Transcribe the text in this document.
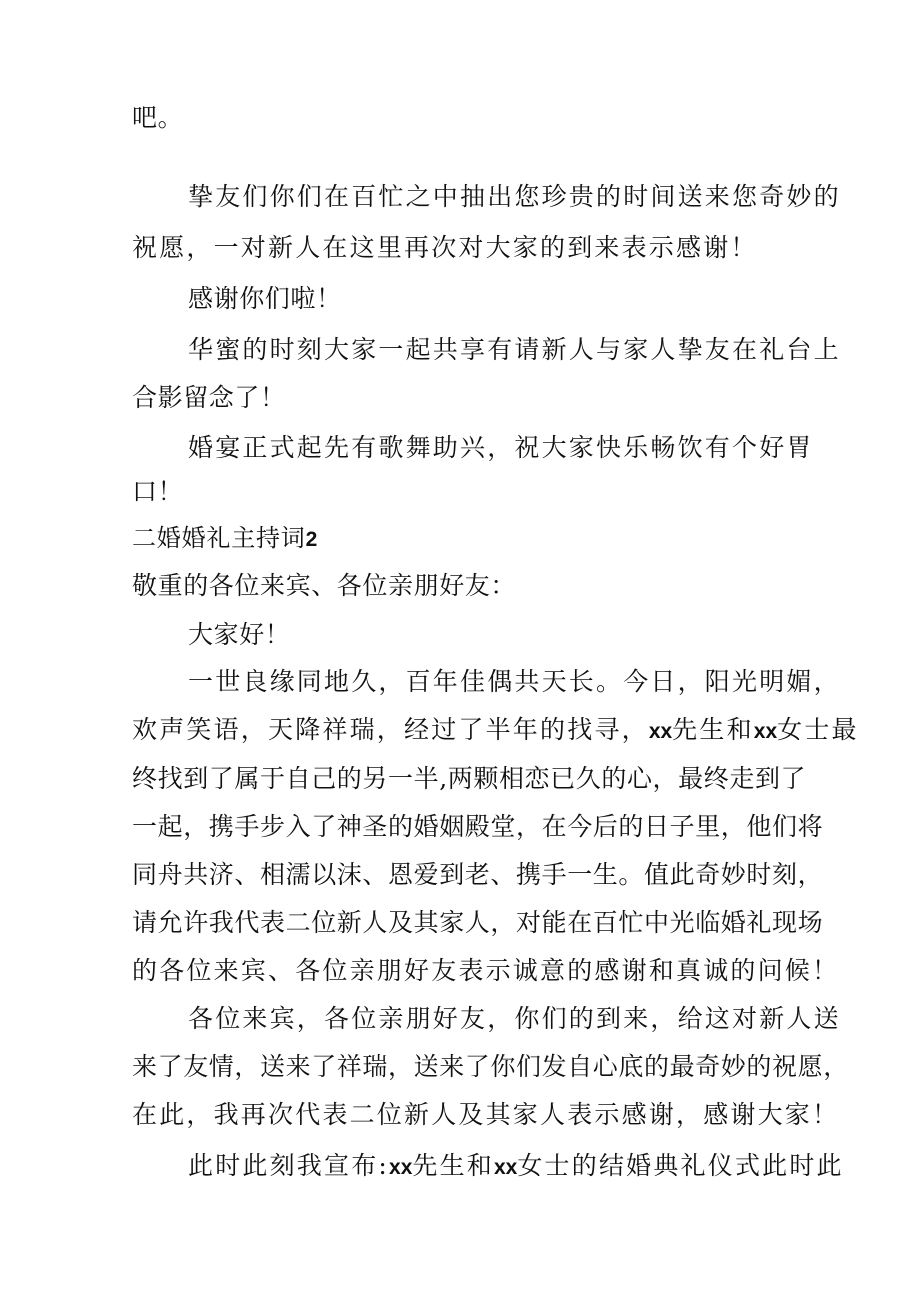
吧。
挚友们你们在百忙之中抽出您珍贵的时间送来您奇妙的
祝愿，一对新人在这里再次对大家的到来表示感谢！
感谢你们啦！
华蜜的时刻大家一起共享有请新人与家人挚友在礼台上
合影留念了！
婚宴正式起先有歌舞助兴，祝大家快乐畅饮有个好胃
口！
二婚婚礼主持词2
敬重的各位来宾、各位亲朋好友：
大家好！
一世良缘同地久，百年佳偶共天长。今日，阳光明媚，
欢声笑语，天降祥瑞，经过了半年的找寻，xx先生和xx女士最
终找到了属于自己的另一半,两颗相恋已久的心，最终走到了
一起，携手步入了神圣的婚姻殿堂，在今后的日子里，他们将
同舟共济、相濡以沫、恩爱到老、携手一生。值此奇妙时刻，
请允许我代表二位新人及其家人，对能在百忙中光临婚礼现场
的各位来宾、各位亲朋好友表示诚意的感谢和真诚的问候！
各位来宾，各位亲朋好友，你们的到来，给这对新人送
来了友情，送来了祥瑞，送来了你们发自心底的最奇妙的祝愿，
在此，我再次代表二位新人及其家人表示感谢，感谢大家！
此时此刻我宣布:xx先生和xx女士的结婚典礼仪式此时此
